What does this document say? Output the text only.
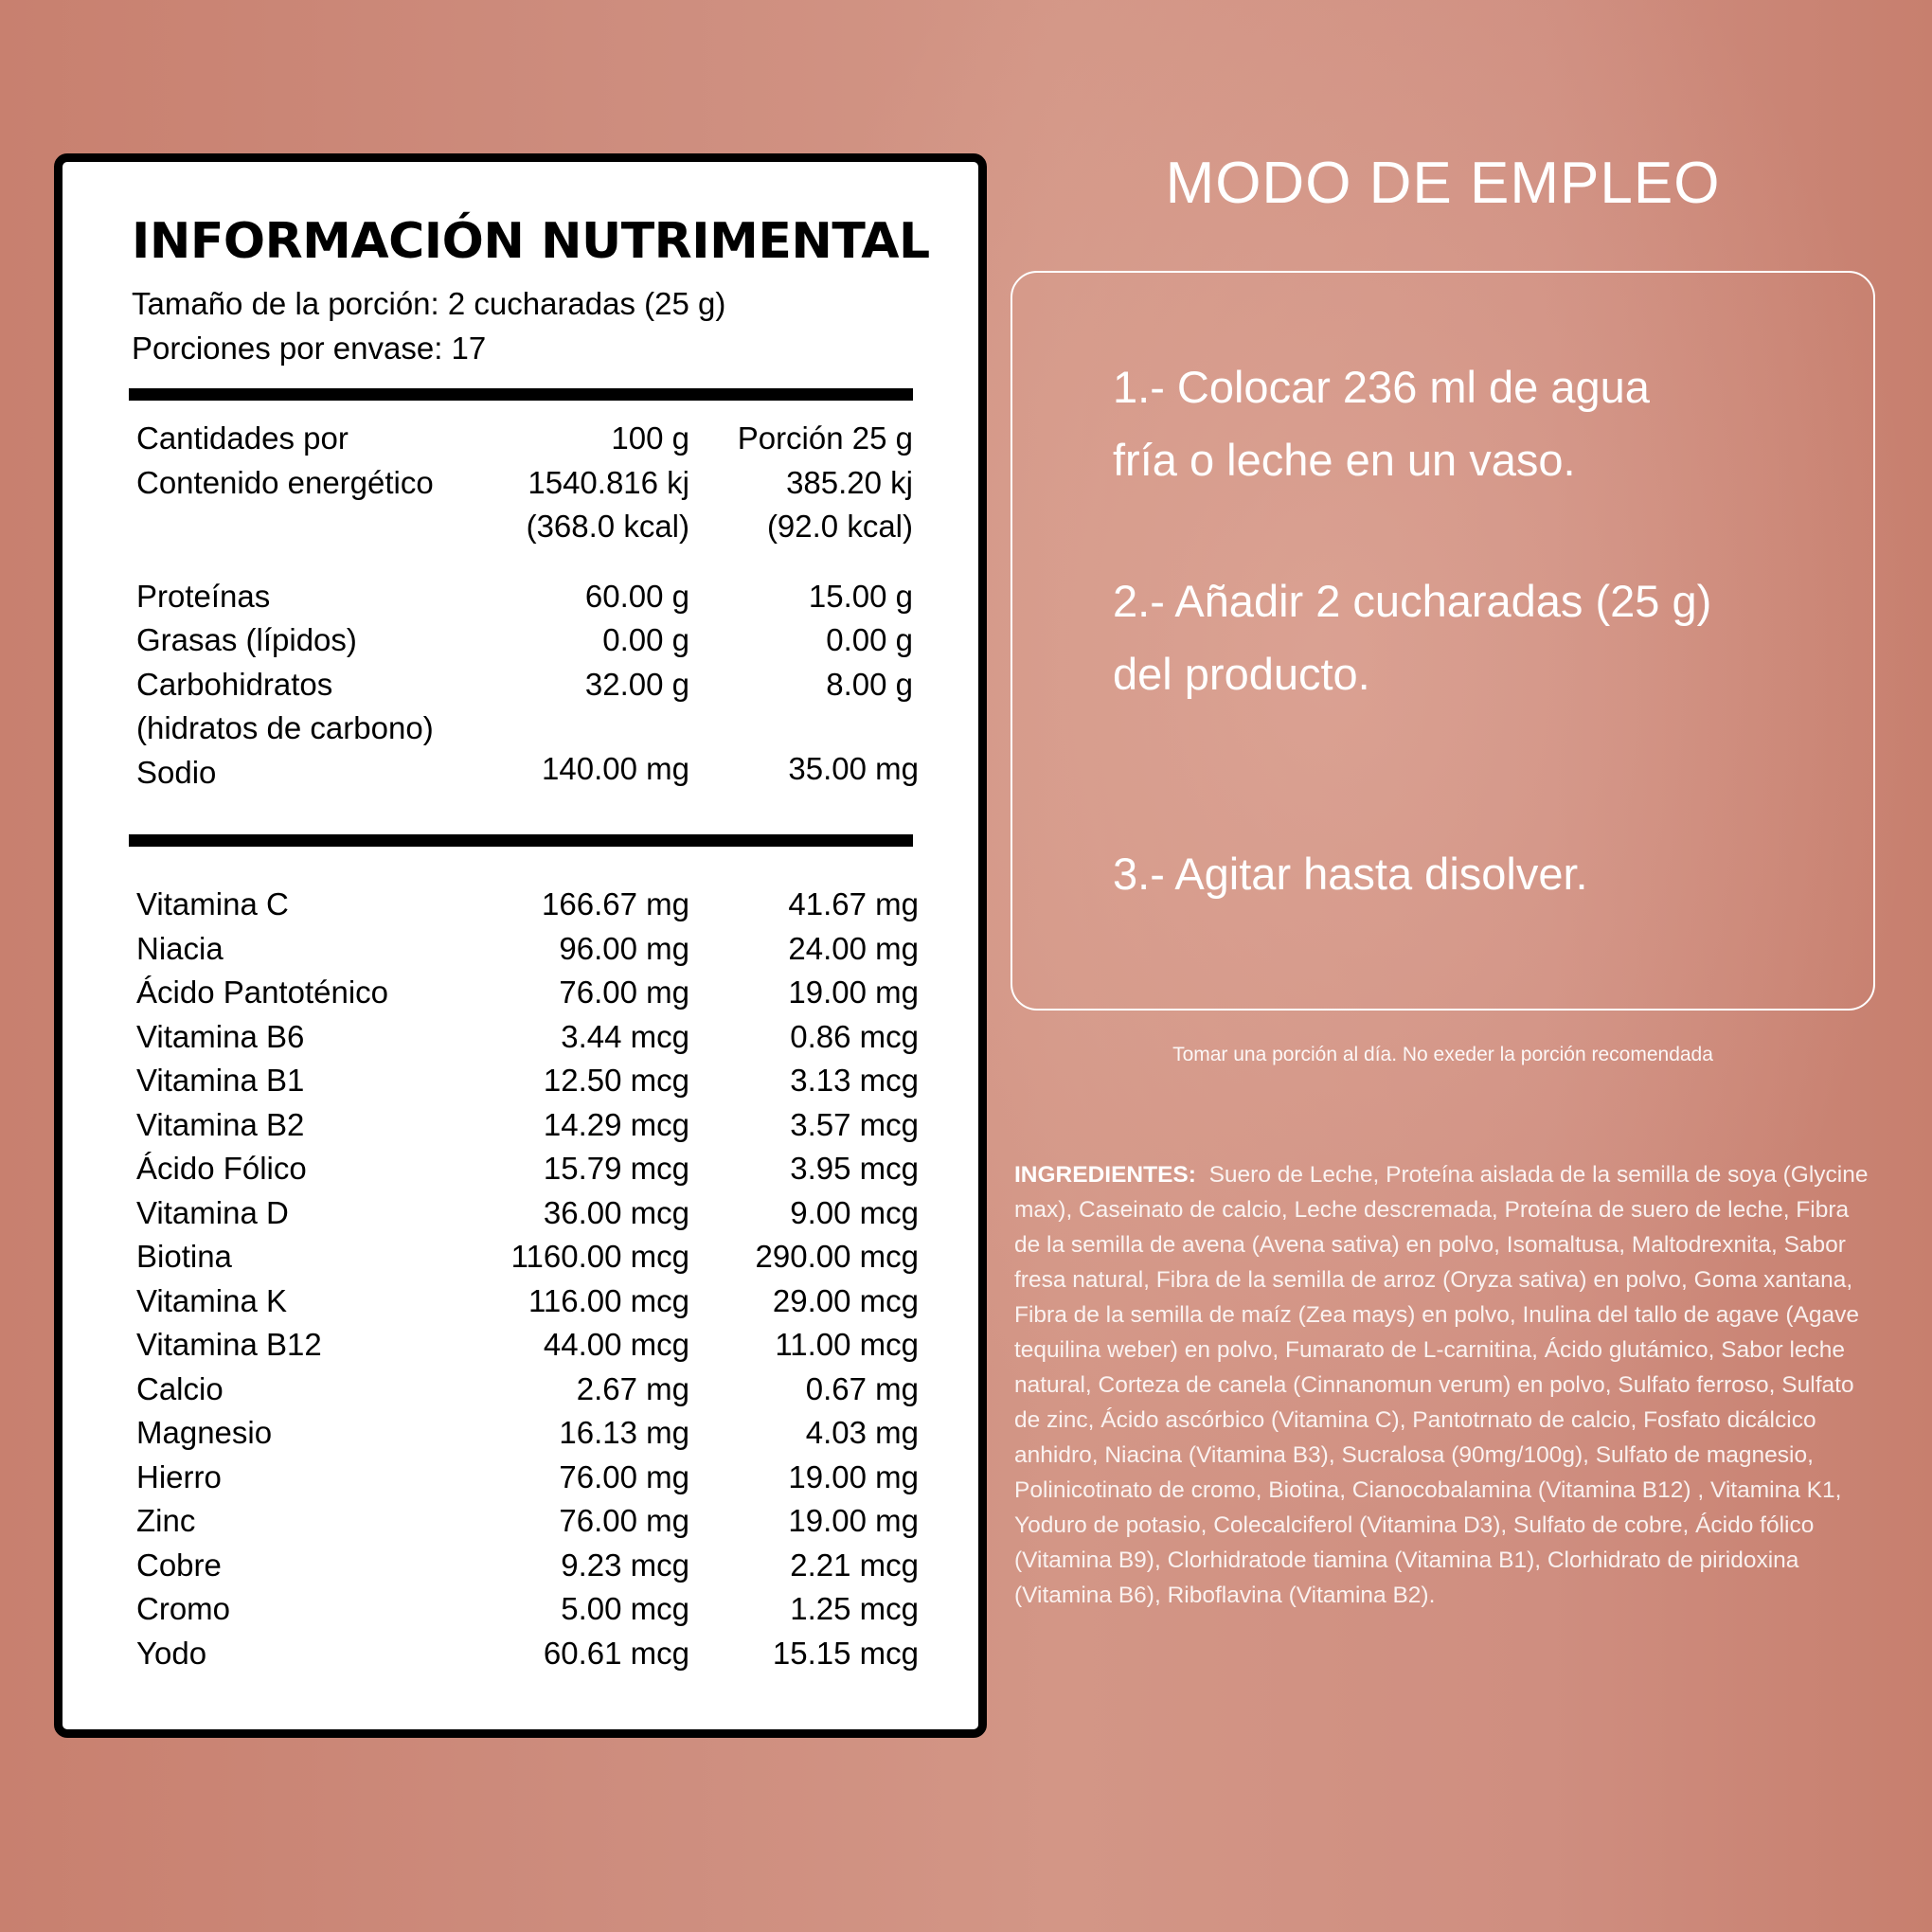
INFORMACIÓN NUTRIMENTAL
Tamaño de la porción: 2 cucharadas (25 g)
Porciones por envase: 17
Cantidades por	100 g Porción 25 g
Contenido energético	1540.816 kj	385.20 kj
(368.0 kcal) (92.0 kcal)
Proteínas	60.00 g	15.00 g
Grasas (lípidos)	0.00 g	0.00 g
Carbohidratos	32.00 g	8.00 g
(hidratos de carbono)
Sodio	140.00 mg	35.00 mg
Vitamina C	166.67 mg	41.67 mg
Niacia	96.00 mg	24.00 mg
Ácido Pantoténico	76.00 mg	19.00 mg
Vitamina B6	3.44 mcg	0.86 mcg
Vitamina B1	12.50 mcg	3.13 mcg
Vitamina B2	14.29 mcg	3.57 mcg
Ácido Fólico	15.79 mcg	3.95 mcg
Vitamina D	36.00 mcg	9.00 mcg
Biotina	1160.00 mcg 290.00 mcg
Vitamina K	116.00 mcg	29.00 mcg
Vitamina B12	44.00 mcg	11.00 mcg
Calcio	2.67 mg	0.67 mg
Magnesio	16.13 mg	4.03 mg
Hierro	76.00 mg	19.00 mg
Zinc	76.00 mg	19.00 mg
Cobre	9.23 mcg	2.21 mcg
Cromo	5.00 mcg	1.25 mcg
Yodo	60.61 mcg	15.15 mcg
MODO DE EMPLEO
1.- Colocar 236 ml de agua
fría o leche en un vaso.
2.- Añadir 2 cucharadas (25 g)
del producto.
3.- Agitar hasta disolver.
Tomar una porción al día. No exeder la porción recomendada

INGREDIENTES: Suero de Leche, Proteína aislada de la semilla de soya (Glycine max), Caseinato de calcio, Leche descremada, Proteína de suero de leche, Fibra de la semilla de avena (Avena sativa) en polvo, Isomaltusa, Maltodrexnita, Sabor fresa natural, Fibra de la semilla de arroz (Oryza sativa) en polvo, Goma xantana, Fibra de la semilla de maíz (Zea mays) en polvo, Inulina del tallo de agave (Agave tequilina weber) en polvo, Fumarato de L-carnitina, Ácido glutámico, Sabor leche natural, Corteza de canela (Cinnanomun verum) en polvo, Sulfato ferroso, Sulfato de zinc, Ácido ascórbico (Vitamina C), Pantotrnato de calcio, Fosfato dicálcico anhidro, Niacina (Vitamina B3), Sucralosa (90mg/100g), Sulfato de magnesio, Polinicotinato de cromo, Biotina, Cianocobalamina (Vitamina B12) , Vitamina K1, Yoduro de potasio, Colecalciferol (Vitamina D3), Sulfato de cobre, Ácido fólico (Vitamina B9), Clorhidratode tiamina (Vitamina B1), Clorhidrato de piridoxina (Vitamina B6), Riboflavina (Vitamina B2).
